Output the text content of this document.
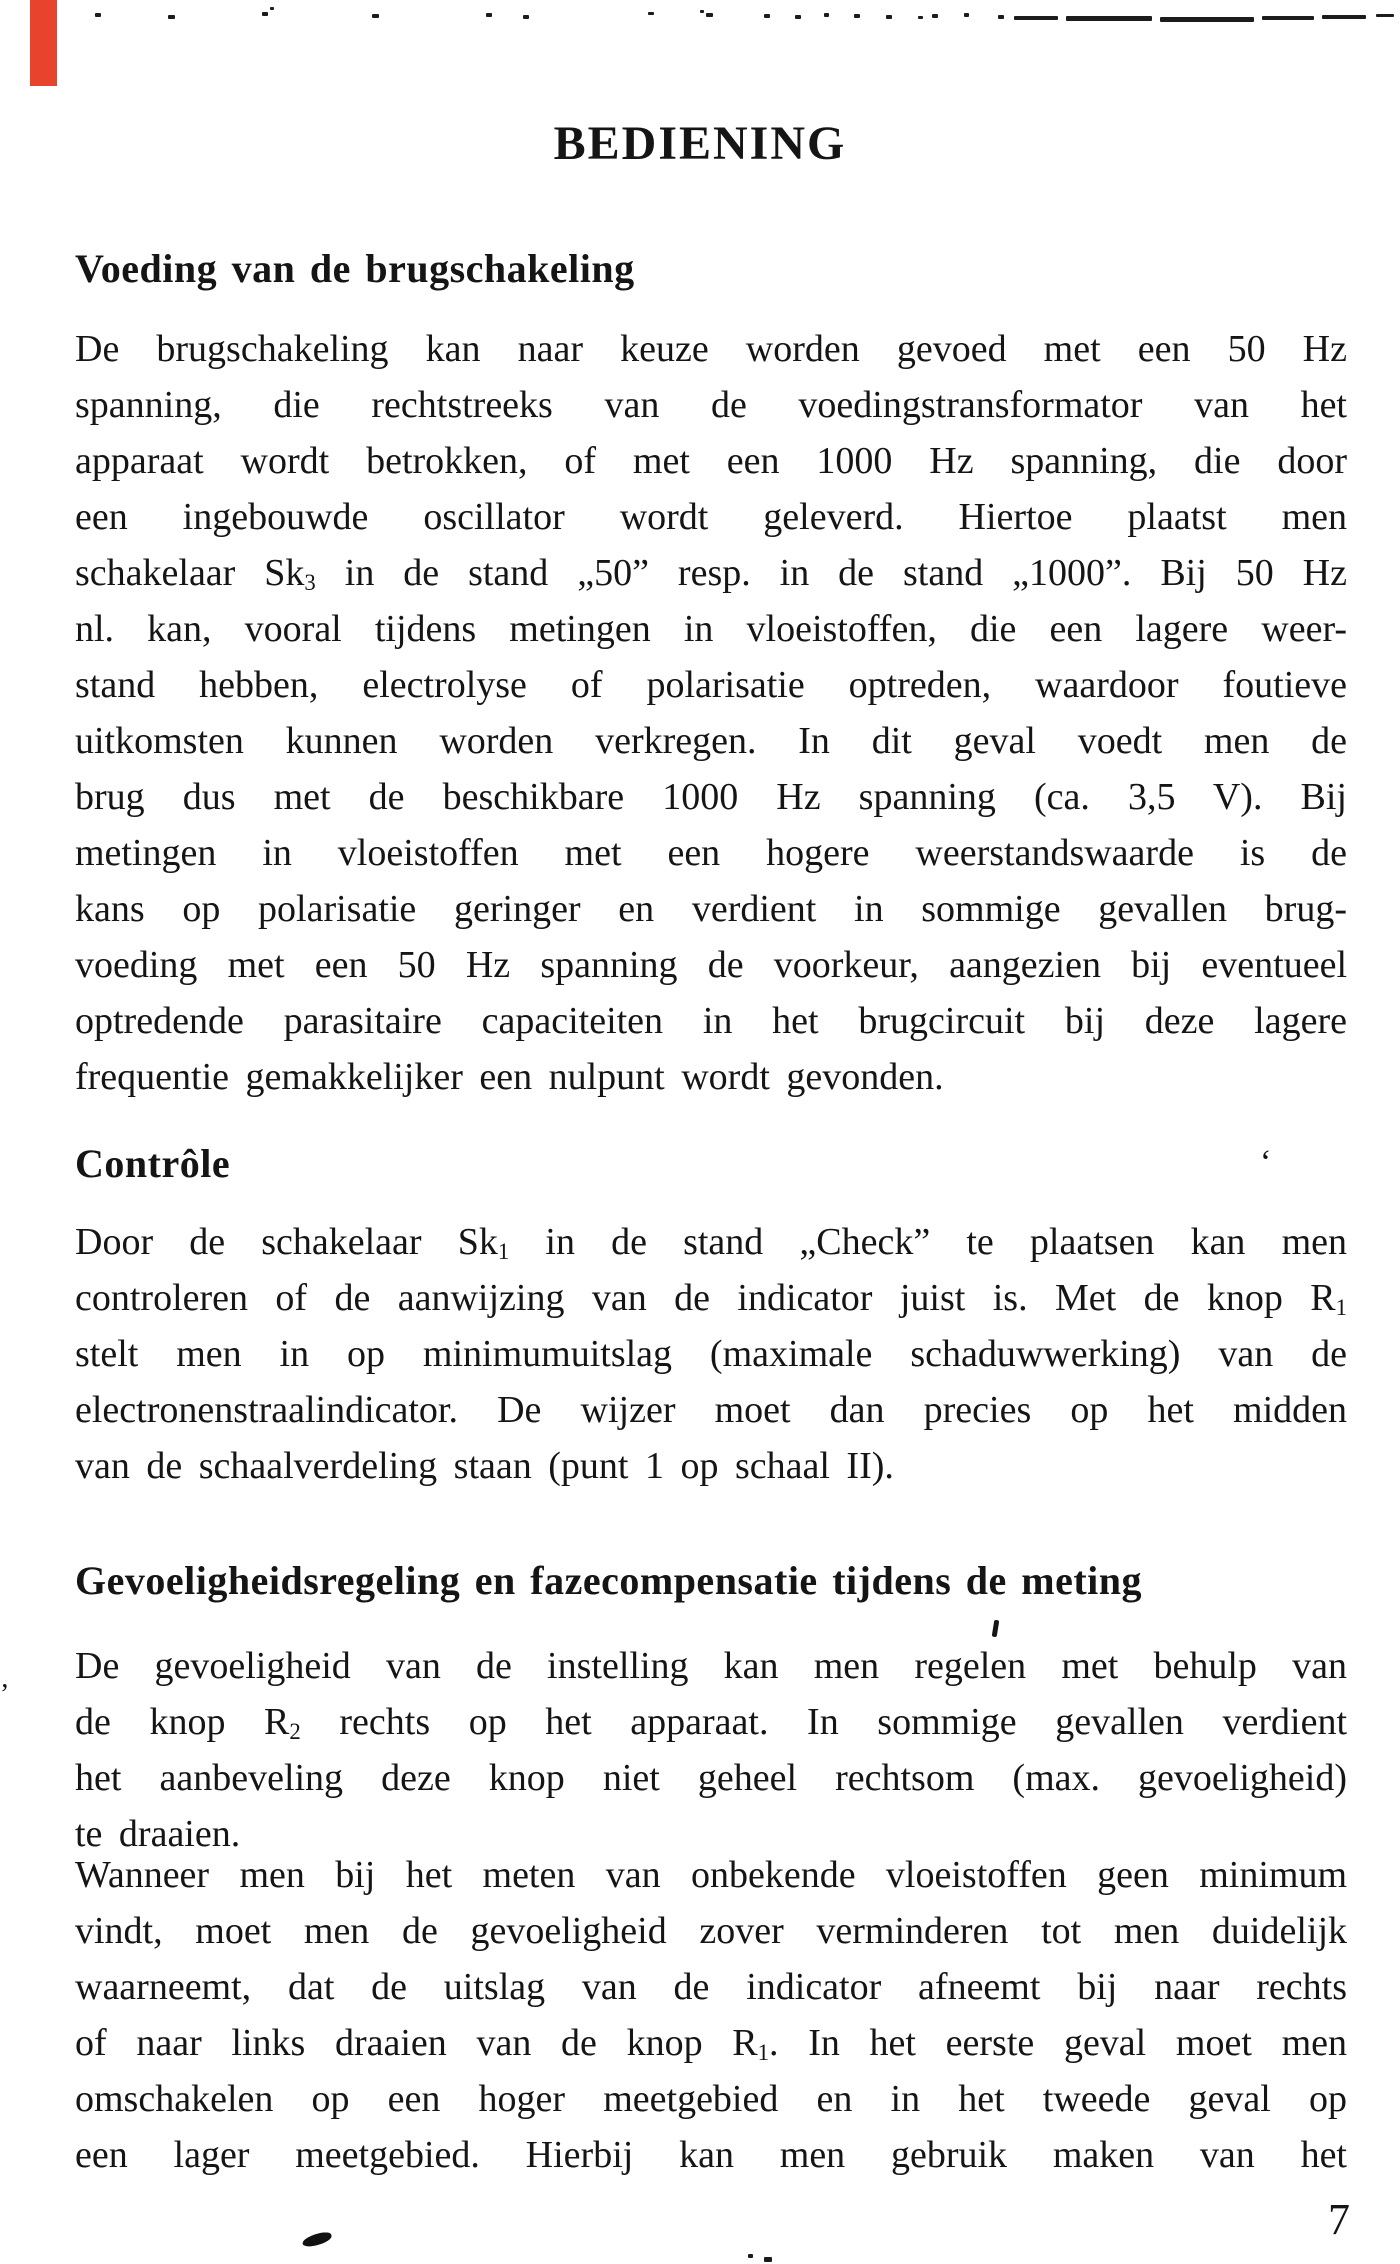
BEDIENING
Voeding van de brugschakeling
De brugschakeling kan naar keuze worden gevoed met een 50 Hz
spanning, die rechtstreeks van de voedingstransformator van het
apparaat wordt betrokken, of met een 1000 Hz spanning, die door
een ingebouwde oscillator wordt geleverd. Hiertoe plaatst men
schakelaar $Sk_3$ in de stand „50” resp. in de stand „1000”. Bij 50 Hz
nl. kan, vooral tijdens metingen in vloeistoffen, die een lagere weer-
stand hebben, electrolyse of polarisatie optreden, waardoor foutieve
uitkomsten kunnen worden verkregen. In dit geval voedt men de
brug dus met de beschikbare 1000 Hz spanning (ca. 3,5 V). Bij
metingen in vloeistoffen met een hogere weerstandswaarde is de
kans op polarisatie geringer en verdient in sommige gevallen brug-
voeding met een 50 Hz spanning de voorkeur, aangezien bij eventueel
optredende parasitaire capaciteiten in het brugcircuit bij deze lagere
frequentie gemakkelijker een nulpunt wordt gevonden.
Contrôle	‘
Door de schakelaar $Sk_1$ in de stand „Check” te plaatsen kan men
controleren of de aanwijzing van de indicator juist is. Met de knop $R_1$
stelt men in op minimumuitslag (maximale schaduwwerking) van de
electronenstraalindicator. De wijzer moet dan precies op het midden
van de schaalverdeling staan (punt 1 op schaal II).
Gevoeligheidsregeling en fazecompensatie tijdens de meting
De gevoeligheid van de instelling kan men regelen met behulp van
de knop $R_2$ rechts op het apparaat. In sommige gevallen verdient
het aanbeveling deze knop niet geheel rechtsom (max. gevoeligheid)
te draaien.
Wanneer men bij het meten van onbekende vloeistoffen geen minimum
vindt, moet men de gevoeligheid zover verminderen tot men duidelijk
waarneemt, dat de uitslag van de indicator afneemt bij naar rechts
of naar links draaien van de knop $R_1$. In het eerste geval moet men
omschakelen op een hoger meetgebied en in het tweede geval op
een lager meetgebied. Hierbij kan men gebruik maken van het
‚
7
